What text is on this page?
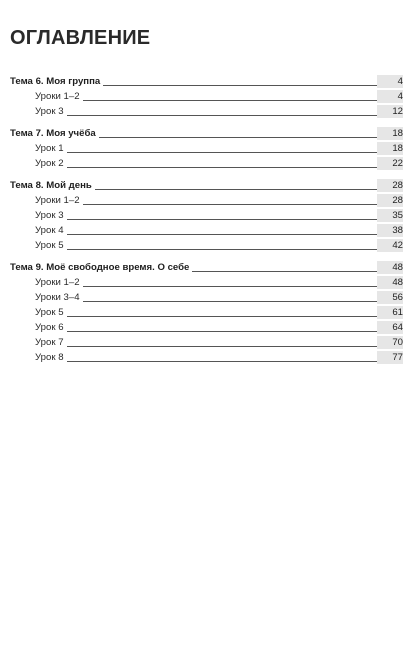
ОГЛАВЛЕНИЕ
Тема 6. Моя группа	4
Уроки 1–2	4
Урок 3	12
Тема 7. Моя учёба	18
Урок 1	18
Урок 2	22
Тема 8. Мой день	28
Уроки 1–2	28
Урок 3	35
Урок 4	38
Урок 5	42
Тема 9. Моё свободное время. О себе	48
Уроки 1–2	48
Уроки 3–4	56
Урок 5	61
Урок 6	64
Урок 7	70
Урок 8	77
